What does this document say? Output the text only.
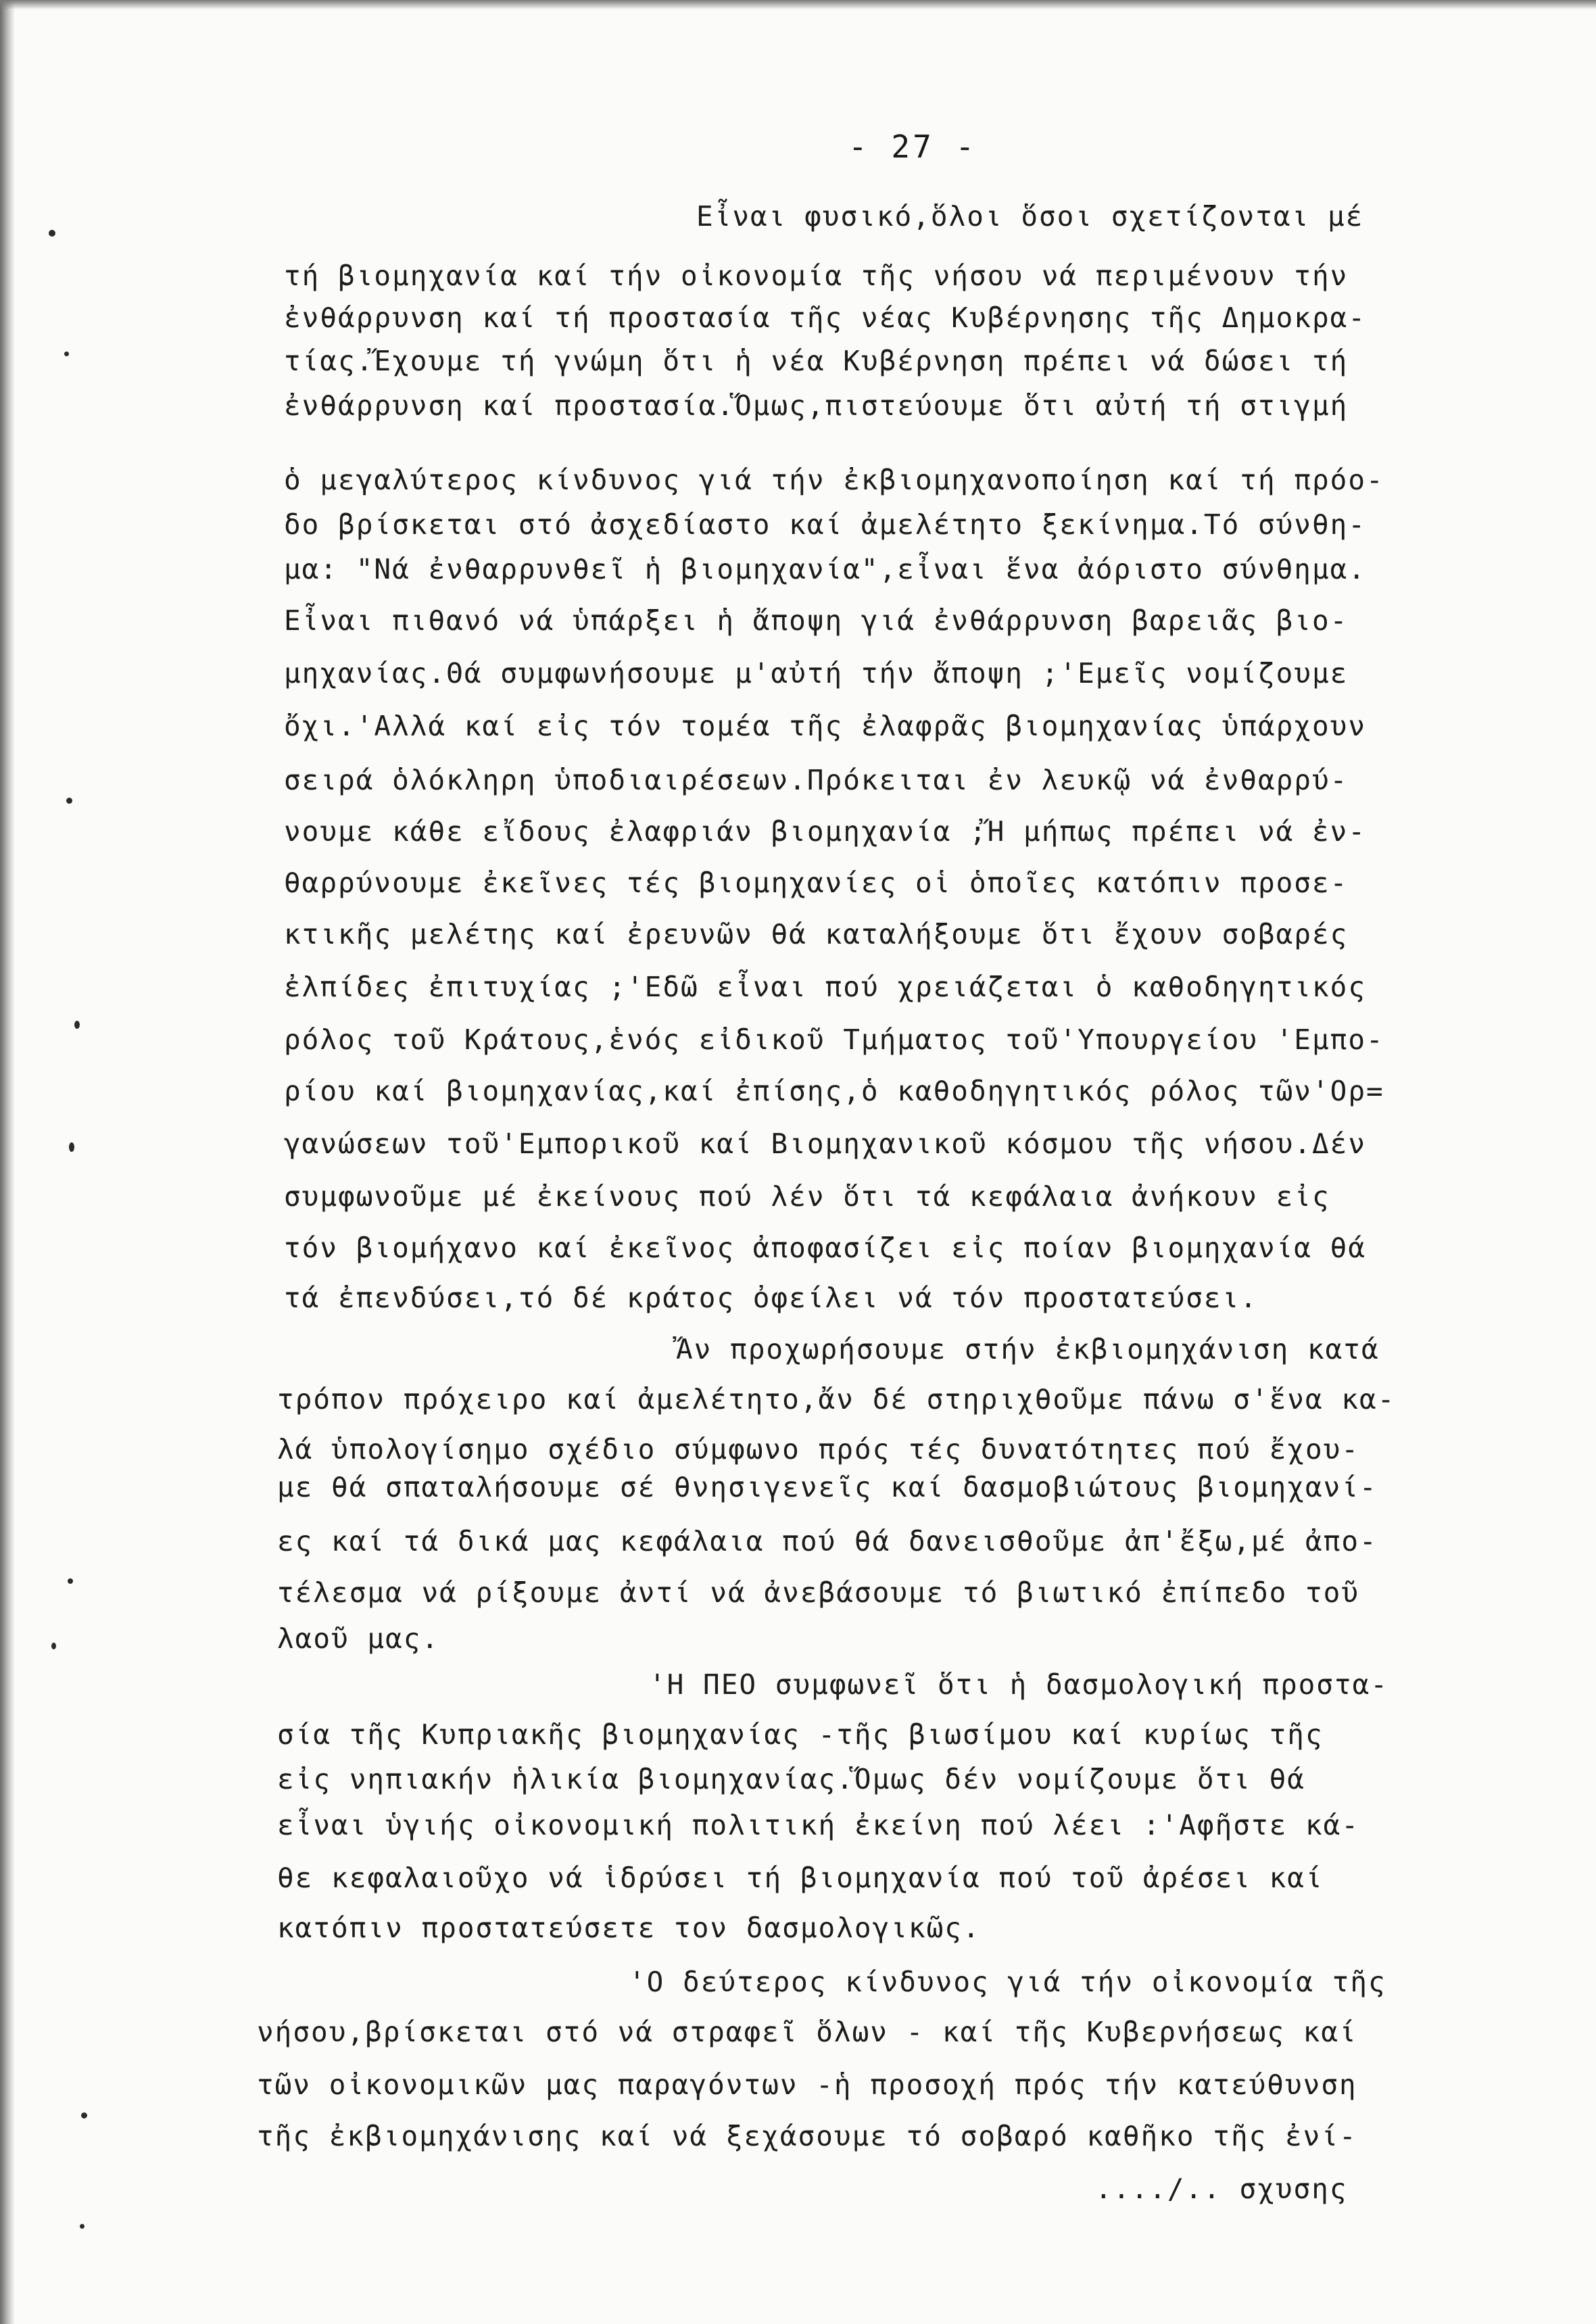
- 27 -
Εἶναι φυσικό,ὅλοι ὅσοι σχετίζονται μέ
τή βιομηχανία καί τήν οἰκονομία τῆς νήσου νά περιμένουν τήν
ἐνθάρρυνση καί τή προστασία τῆς νέας Κυβέρνησης τῆς Δημοκρα-
τίας.Ἔχουμε τή γνώμη ὅτι ἡ νέα Κυβέρνηση πρέπει νά δώσει τή
ἐνθάρρυνση καί προστασία.Ὅμως,πιστεύουμε ὅτι αὐτή τή στιγμή
ὁ μεγαλύτερος κίνδυνος γιά τήν ἐκβιομηχανοποίηση καί τή πρόο-
δο βρίσκεται στό ἀσχεδίαστο καί ἀμελέτητο ξεκίνημα.Τό σύνθη-
μα: "Νά ἐνθαρρυνθεῖ ἡ βιομηχανία",εἶναι ἕνα ἀόριστο σύνθημα.
Εἶναι πιθανό νά ὑπάρξει ἡ ἄποψη γιά ἐνθάρρυνση βαρειᾶς βιο-
μηχανίας.Θά συμφωνήσουμε μ'αὐτή τήν ἄποψη ;'Εμεῖς νομίζουμε
ὄχι.'Αλλά καί εἰς τόν τομέα τῆς ἐλαφρᾶς βιομηχανίας ὑπάρχουν
σειρά ὁλόκληρη ὑποδιαιρέσεων.Πρόκειται ἐν λευκῷ νά ἐνθαρρύ-
νουμε κάθε εἴδους ἐλαφριάν βιομηχανία ;Ἤ μήπως πρέπει νά ἐν-
θαρρύνουμε ἐκεῖνες τές βιομηχανίες οἱ ὁποῖες κατόπιν προσε-
κτικῆς μελέτης καί ἐρευνῶν θά καταλήξουμε ὅτι ἔχουν σοβαρές
ἐλπίδες ἐπιτυχίας ;'Εδῶ εἶναι πού χρειάζεται ὁ καθοδηγητικός
ρόλος τοῦ Κράτους,ἑνός εἰδικοῦ Τμήματος τοῦ'Υπουργείου 'Εμπο-
ρίου καί βιομηχανίας,καί ἐπίσης,ὁ καθοδηγητικός ρόλος τῶν'Ορ=
γανώσεων τοῦ'Εμπορικοῦ καί Βιομηχανικοῦ κόσμου τῆς νήσου.Δέν
συμφωνοῦμε μέ ἐκείνους πού λέν ὅτι τά κεφάλαια ἀνήκουν εἰς
τόν βιομήχανο καί ἐκεῖνος ἀποφασίζει εἰς ποίαν βιομηχανία θά
τά ἐπενδύσει,τό δέ κράτος ὀφείλει νά τόν προστατεύσει.
Ἄν προχωρήσουμε στήν ἐκβιομηχάνιση κατά
τρόπον πρόχειρο καί ἀμελέτητο,ἄν δέ στηριχθοῦμε πάνω σ'ἕνα κα-
λά ὑπολογίσημο σχέδιο σύμφωνο πρός τές δυνατότητες πού ἔχου-
με θά σπαταλήσουμε σέ θνησιγενεῖς καί δασμοβιώτους βιομηχανί-
ες καί τά δικά μας κεφάλαια πού θά δανεισθοῦμε ἀπ'ἔξω,μέ ἀπο-
τέλεσμα νά ρίξουμε ἀντί νά ἀνεβάσουμε τό βιωτικό ἐπίπεδο τοῦ
λαοῦ μας.
'Η ΠΕΟ συμφωνεῖ ὅτι ἡ δασμολογική προστα-
σία τῆς Κυπριακῆς βιομηχανίας -τῆς βιωσίμου καί κυρίως τῆς
εἰς νηπιακήν ἡλικία βιομηχανίας.Ὅμως δέν νομίζουμε ὅτι θά
εἶναι ὑγιής οἰκονομική πολιτική ἐκείνη πού λέει :'Αφῆστε κά-
θε κεφαλαιοῦχο νά ἱδρύσει τή βιομηχανία πού τοῦ ἀρέσει καί
κατόπιν προστατεύσετε τον δασμολογικῶς.
'Ο δεύτερος κίνδυνος γιά τήν οἰκονομία τῆς
νήσου,βρίσκεται στό νά στραφεῖ ὅλων - καί τῆς Κυβερνήσεως καί
τῶν οἰκονομικῶν μας παραγόντων -ἡ προσοχή πρός τήν κατεύθυνση
τῆς ἐκβιομηχάνισης καί νά ξεχάσουμε τό σοβαρό καθῆκο τῆς ἐνί-
..../.. σχυσης
